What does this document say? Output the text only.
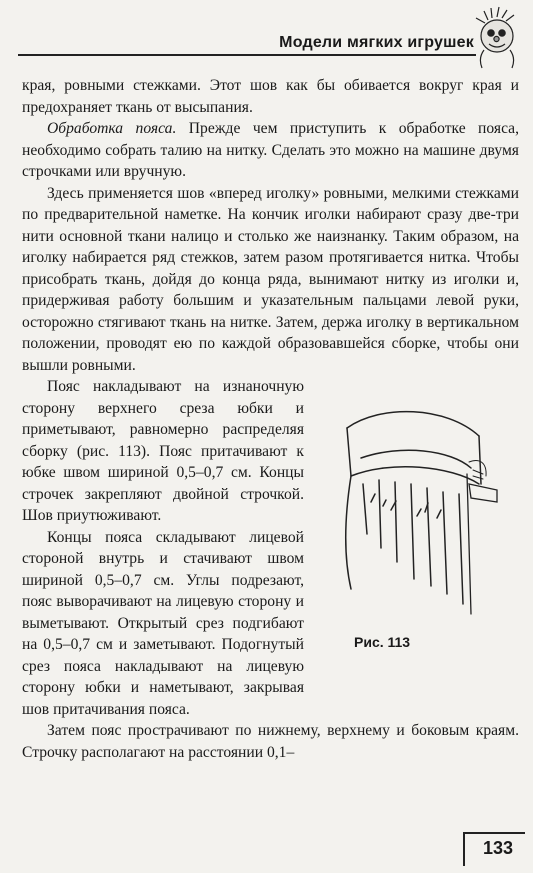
Модели мягких игрушек

края, ровными стежками. Этот шов как бы обивается вокруг края и предохраняет ткань от высыпания.

Обработка пояса. Прежде чем приступить к обработке пояса, необходимо собрать талию на нитку. Сделать это можно на машине двумя строчками или вручную.

Здесь применяется шов «вперед иголку» ровными, мелкими стежками по предварительной наметке. На кончик иголки набирают сразу две-три нити основной ткани налицо и столько же наизнанку. Таким образом, на иголку набирается ряд стежков, затем разом протягивается нитка. Чтобы присобрать ткань, дойдя до конца ряда, вынимают нитку из иголки и, придерживая работу большим и указательным пальцами левой руки, осторожно стягивают ткань на нитке. Затем, держа иголку в вертикальном положении, проводят ею по каждой образовавшейся сборке, чтобы они вышли ровными.

Рис. 113

Пояс накладывают на изнаночную сторону верхнего среза юбки и приметывают, равномерно распределяя сборку (рис. 113). Пояс притачивают к юбке швом шириной 0,5–0,7 см. Концы строчек закрепляют двойной строчкой. Шов приутюживают.

Концы пояса складывают лицевой стороной внутрь и стачивают швом шириной 0,5–0,7 см. Углы подрезают, пояс выворачивают на лицевую сторону и выметывают. Открытый срез подгибают на 0,5–0,7 см и заметывают. Подогнутый срез пояса накладывают на лицевую сторону юбки и наметывают, закрывая шов притачивания пояса.

Затем пояс прострачивают по нижнему, верхнему и боковым краям. Строчку располагают на расстоянии 0,1–

133
